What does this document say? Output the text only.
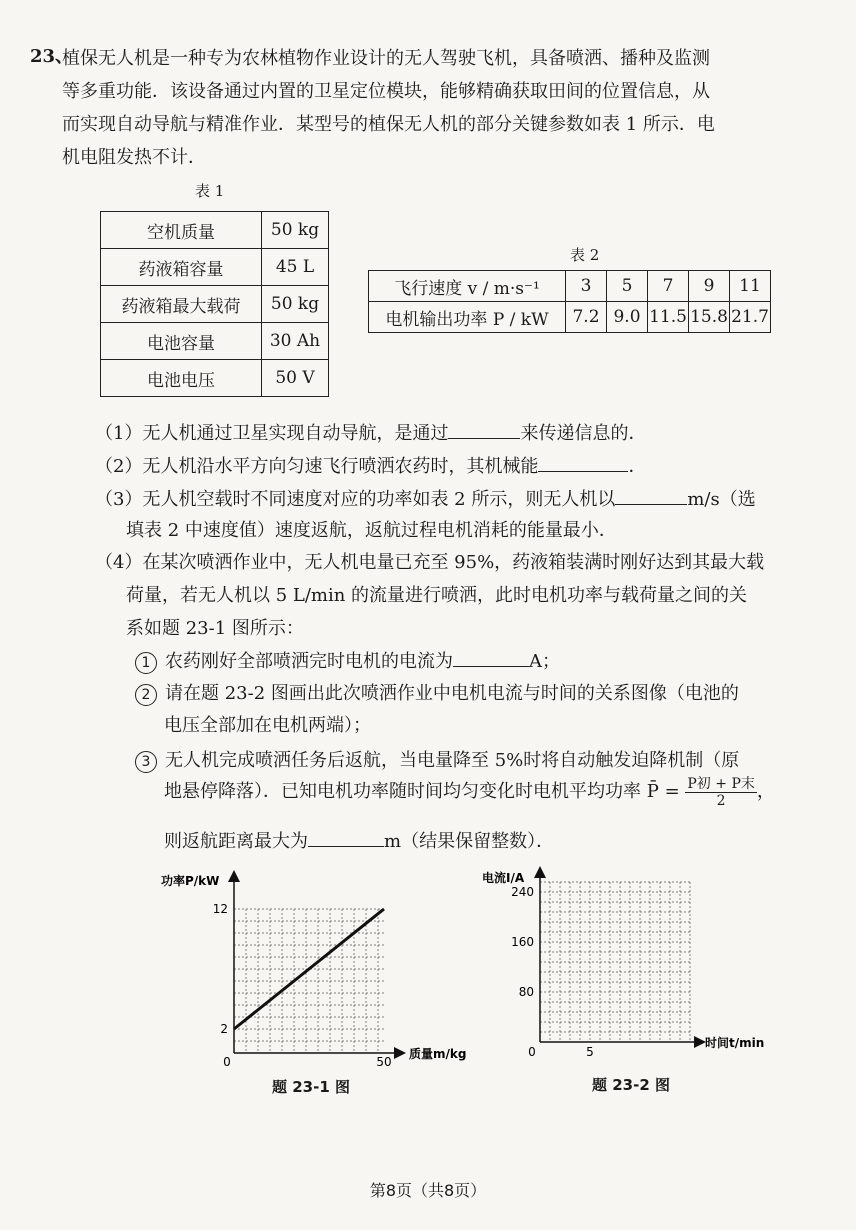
23、
植保无人机是一种专为农林植物作业设计的无人驾驶飞机，具备喷洒、播种及监测
等多重功能．该设备通过内置的卫星定位模块，能够精确获取田间的位置信息，从
而实现自动导航与精准作业．某型号的植保无人机的部分关键参数如表 1 所示．电
机电阻发热不计．
表 1
空机质量	50 kg
药液箱容量	45 L
药液箱最大载荷	50 kg
电池容量	30 Ah
电池电压	50 V
表 2
飞行速度 v / m·s⁻¹	3	5	7	9	11
电机输出功率 P / kW	7.2	9.0	11.5	15.8	21.7
（1）无人机通过卫星实现自动导航，是通过	来传递信息的．
（2）无人机沿水平方向匀速飞行喷洒农药时，其机械能	．
（3）无人机空载时不同速度对应的功率如表 2 所示，则无人机以	m/s（选
填表 2 中速度值）速度返航，返航过程电机消耗的能量最小．
（4）在某次喷洒作业中，无人机电量已充至 95%，药液箱装满时刚好达到其最大载
荷量，若无人机以 5 L/min 的流量进行喷洒，此时电机功率与载荷量之间的关
系如题 23-1 图所示：
1 农药刚好全部喷洒完时电机的电流为	A；
2 请在题 23-2 图画出此次喷洒作业中电机电流与时间的关系图像（电池的
电压全部加在电机两端）；
3 无人机完成喷洒任务后返航，当电量降至 5%时将自动触发迫降机制（原
地悬停降落）．已知电机功率随时间均匀变化时电机平均功率 P̄ = $\frac{\text{P初 + P末}}{2}$ ，
则返航距离最大为	m（结果保留整数）．
功率P/kW
质量m/kg
0
2
12
50
题 23-1 图
电流I/A
时间t/min
0
80
160
240
5
题 23-2 图
第8页（共8页）
